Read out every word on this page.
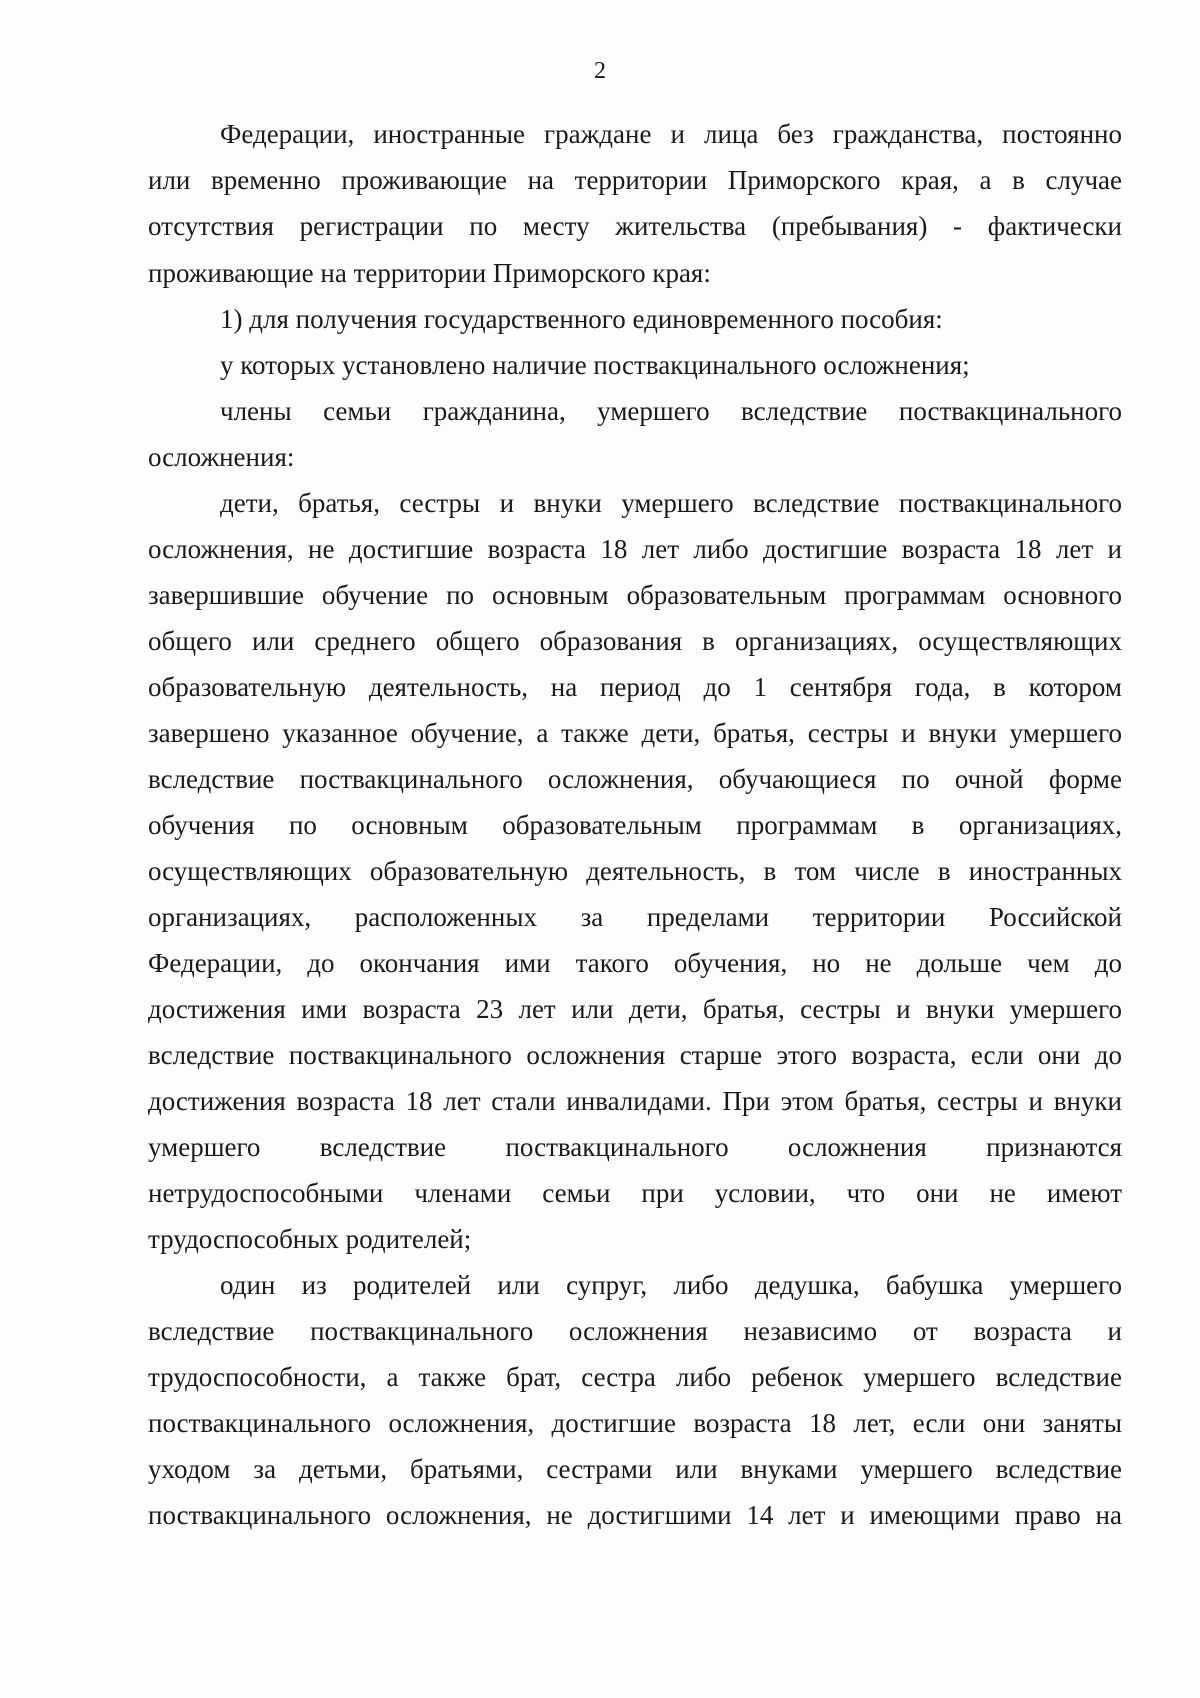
2
Федерации, иностранные граждане и лица без гражданства, постоянно
или временно проживающие на территории Приморского края, а в случае
отсутствия регистрации по месту жительства (пребывания) - фактически
проживающие на территории Приморского края:
1) для получения государственного единовременного пособия:
у которых установлено наличие поствакцинального осложнения;
члены семьи гражданина, умершего вследствие поствакцинального
осложнения:
дети, братья, сестры и внуки умершего вследствие поствакцинального
осложнения, не достигшие возраста 18 лет либо достигшие возраста 18 лет и
завершившие обучение по основным образовательным программам основного
общего или среднего общего образования в организациях, осуществляющих
образовательную деятельность, на период до 1 сентября года, в котором
завершено указанное обучение, а также дети, братья, сестры и внуки умершего
вследствие поствакцинального осложнения, обучающиеся по очной форме
обучения по основным образовательным программам в организациях,
осуществляющих образовательную деятельность, в том числе в иностранных
организациях, расположенных за пределами территории Российской
Федерации, до окончания ими такого обучения, но не дольше чем до
достижения ими возраста 23 лет или дети, братья, сестры и внуки умершего
вследствие поствакцинального осложнения старше этого возраста, если они до
достижения возраста 18 лет стали инвалидами. При этом братья, сестры и внуки
умершего вследствие поствакцинального осложнения признаются
нетрудоспособными членами семьи при условии, что они не имеют
трудоспособных родителей;
один из родителей или супруг, либо дедушка, бабушка умершего
вследствие поствакцинального осложнения независимо от возраста и
трудоспособности, а также брат, сестра либо ребенок умершего вследствие
поствакцинального осложнения, достигшие возраста 18 лет, если они заняты
уходом за детьми, братьями, сестрами или внуками умершего вследствие
поствакцинального осложнения, не достигшими 14 лет и имеющими право на
